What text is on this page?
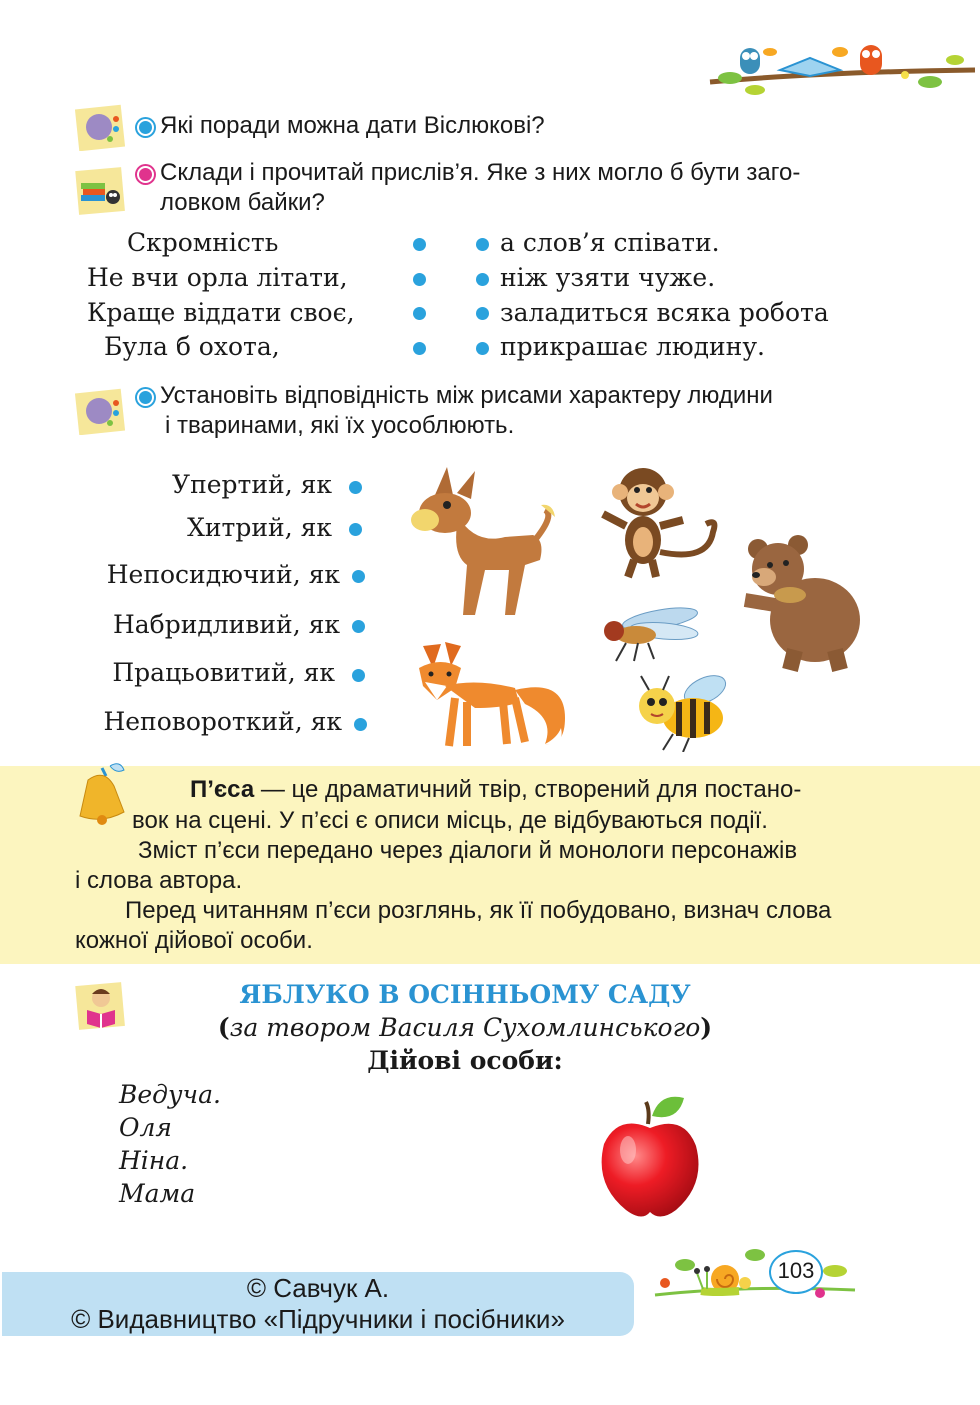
Які поради можна дати Віслюкові?
Склади і прочитай прислів’я. Яке з них могло б бути заго-
ловком байки?
Скромність
Не вчи орла літати,
Краще віддати своє,
Була б охота,
а слов’я співати.
ніж узяти чуже.
заладиться всяка робота
прикрашає людину.
Установіть відповідність між рисами характеру людини
і тваринами, які їх уособлюють.
Упертий, як
Хитрий, як
Непосидючий, як
Набридливий, як
Працьовитий, як
Неповороткий, як
П’єса — це драматичний твір, створений для постано-
вок на сцені. У п’єсі є описи місць, де відбуваються події.
Зміст п’єси передано через діалоги й монологи персонажів
і слова автора.
Перед читанням п’єси розглянь, як її побудовано, визнач слова
кожної дійової особи.
ЯБЛУКО В ОСІННЬОМУ САДУ
(за твором Василя Сухомлинського)
Дійові особи:
Ведуча.
Оля
Ніна.
Мама
103
© Савчук А.
© Видавництво «Підручники і посібники»
